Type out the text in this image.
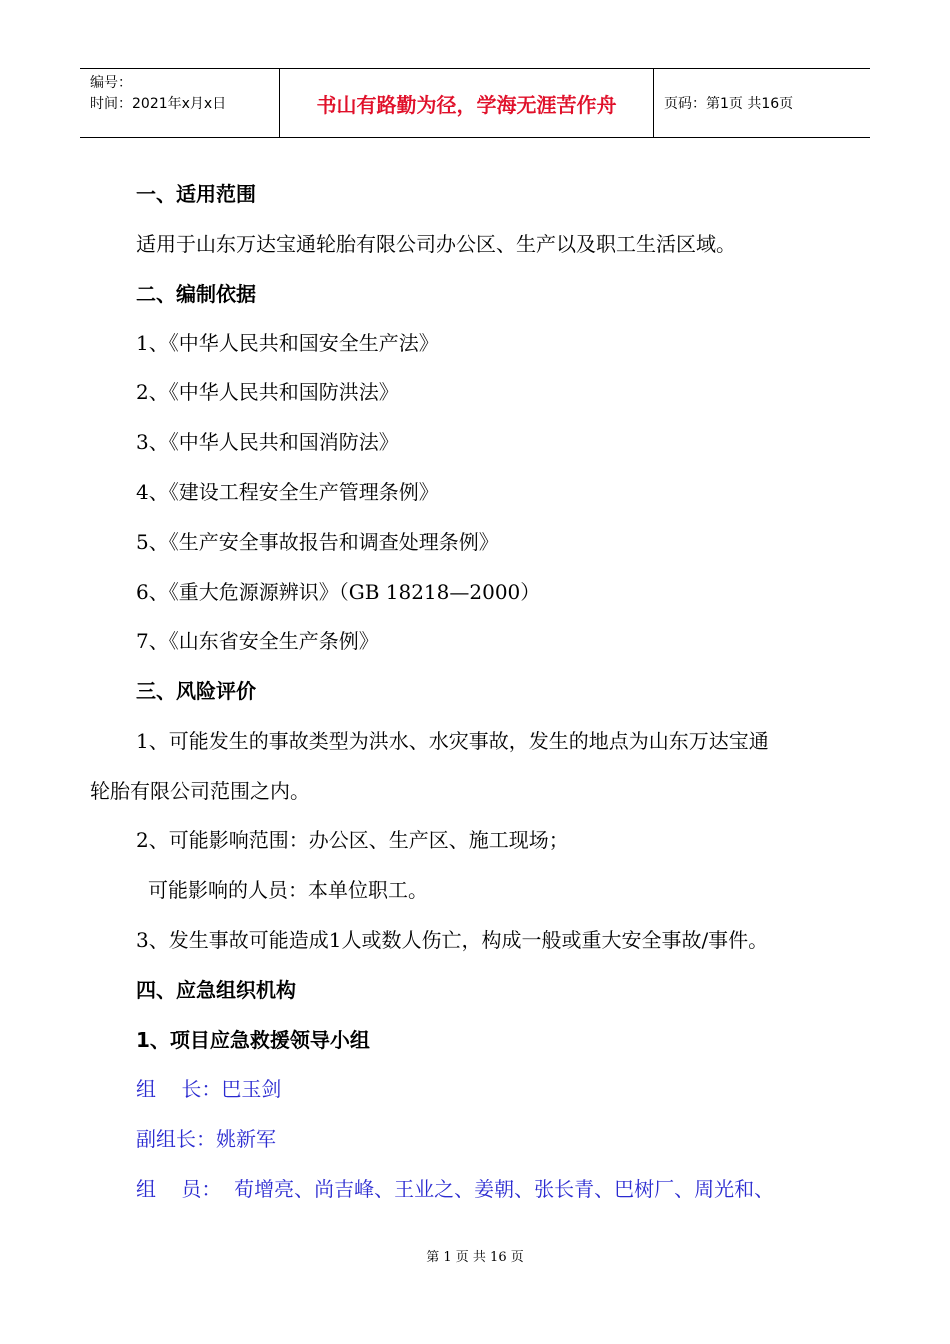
编号：
时间：2021年x月x日	书山有路勤为径，学海无涯苦作舟	页码：第1页 共16页
一、适用范围
适用于山东万达宝通轮胎有限公司办公区、生产以及职工生活区域。
二、编制依据
1、《中华人民共和国安全生产法》
2、《中华人民共和国防洪法》
3、《中华人民共和国消防法》
4、《建设工程安全生产管理条例》
5、《生产安全事故报告和调查处理条例》
6、《重大危源源辨识》（GB 18218—2000）
7、《山东省安全生产条例》
三、风险评价
1、可能发生的事故类型为洪水、水灾事故，发生的地点为山东万达宝通
轮胎有限公司范围之内。
2、可能影响范围：办公区、生产区、施工现场；
可能影响的人员：本单位职工。
3、发生事故可能造成1人或数人伤亡，构成一般或重大安全事故/事件。
四、应急组织机构
1、项目应急救援领导小组
组    长：巴玉剑
副组长：姚新军
组    员：  荀增亮、尚吉峰、王业之、姜朝、张长青、巴树厂、周光和、
第 1 页 共 16 页
